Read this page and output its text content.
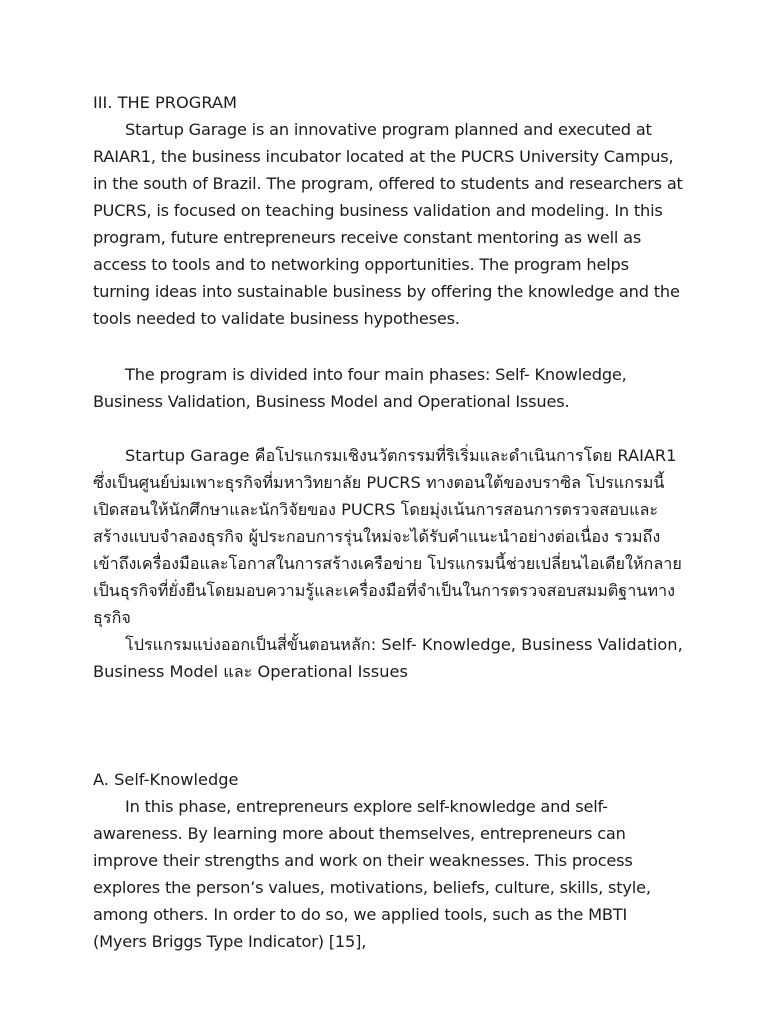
III. THE PROGRAM

Startup Garage is an innovative program planned and executed at RAIAR1, the business incubator located at the PUCRS University Campus, in the south of Brazil. The program, offered to students and researchers at PUCRS, is focused on teaching business validation and modeling. In this program, future entrepreneurs receive constant mentoring as well as access to tools and to networking opportunities. The program helps turning ideas into sustainable business by offering the knowledge and the tools needed to validate business hypotheses.

The program is divided into four main phases: Self- Knowledge, Business Validation, Business Model and Operational Issues.

Startup Garage คือโปรแกรมเชิงนวัตกรรมที่ริเริ่มและดำเนินการโดย RAIAR1 ซึ่งเป็นศูนย์บ่มเพาะธุรกิจที่มหาวิทยาลัย PUCRS ทางตอนใต้ของบราซิล โปรแกรมนี้เปิดสอนให้นักศึกษาและนักวิจัยของ PUCRS โดยมุ่งเน้นการสอนการตรวจสอบและสร้างแบบจำลองธุรกิจ ผู้ประกอบการรุ่นใหม่จะได้รับคำแนะนำอย่างต่อเนื่อง รวมถึงเข้าถึงเครื่องมือและโอกาสในการสร้างเครือข่าย โปรแกรมนี้ช่วยเปลี่ยนไอเดียให้กลายเป็นธุรกิจที่ยั่งยืนโดยมอบความรู้และเครื่องมือที่จำเป็นในการตรวจสอบสมมติฐานทางธุรกิจ

โปรแกรมแบ่งออกเป็นสี่ขั้นตอนหลัก: Self- Knowledge, Business Validation, Business Model และ Operational Issues

A. Self-Knowledge

In this phase, entrepreneurs explore self-knowledge and self-awareness. By learning more about themselves, entrepreneurs can improve their strengths and work on their weaknesses. This process explores the person’s values, motivations, beliefs, culture, skills, style, among others. In order to do so, we applied tools, such as the MBTI (Myers Briggs Type Indicator) [15],
